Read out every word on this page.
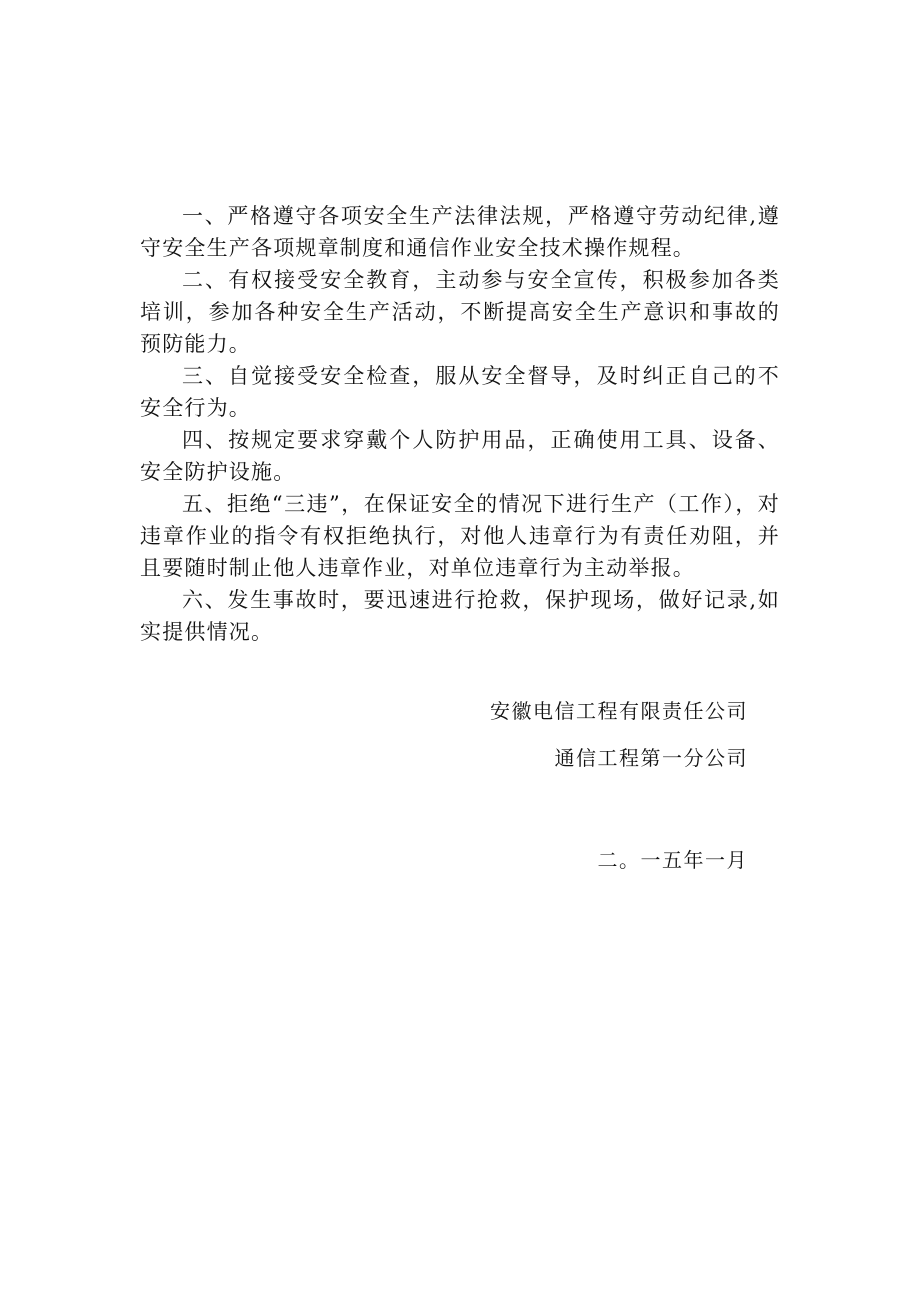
一、严格遵守各项安全生产法律法规，严格遵守劳动纪律,遵守安全生产各项规章制度和通信作业安全技术操作规程。

二、有权接受安全教育，主动参与安全宣传，积极参加各类培训，参加各种安全生产活动，不断提高安全生产意识和事故的预防能力。

三、自觉接受安全检查，服从安全督导，及时纠正自己的不安全行为。

四、按规定要求穿戴个人防护用品，正确使用工具、设备、安全防护设施。

五、拒绝“三违”，在保证安全的情况下进行生产（工作），对违章作业的指令有权拒绝执行，对他人违章行为有责任劝阻，并且要随时制止他人违章作业，对单位违章行为主动举报。

六、发生事故时，要迅速进行抢救，保护现场，做好记录,如实提供情况。

安徽电信工程有限责任公司
通信工程第一分公司
二。一五年一月
